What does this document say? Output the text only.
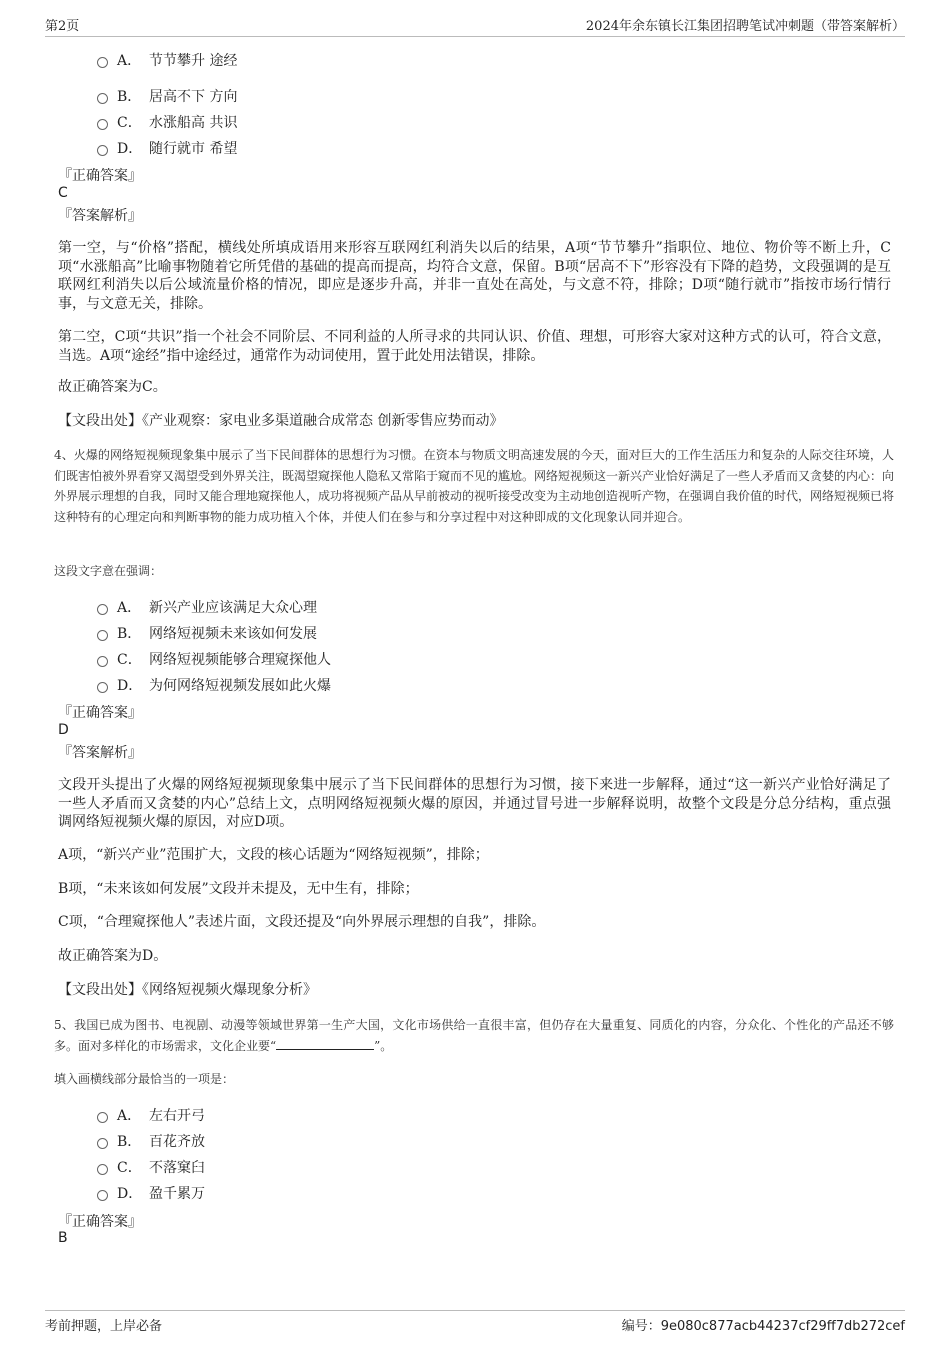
第2页	2024年余东镇长江集团招聘笔试冲刺题（带答案解析）
A． 节节攀升 途经
B． 居高不下 方向
C． 水涨船高 共识
D． 随行就市 希望
『正确答案』
C
『答案解析』
第一空，与“价格”搭配，横线处所填成语用来形容互联网红利消失以后的结果，A项“节节攀升”指职位、地位、物价等不断上升，C项“水涨船高”比喻事物随着它所凭借的基础的提高而提高，均符合文意，保留。B项“居高不下”形容没有下降的趋势，文段强调的是互联网红利消失以后公域流量价格的情况，即应是逐步升高，并非一直处在高处，与文意不符，排除；D项“随行就市”指按市场行情行事，与文意无关，排除。
第二空，C项“共识”指一个社会不同阶层、不同利益的人所寻求的共同认识、价值、理想，可形容大家对这种方式的认可，符合文意，当选。A项“途经”指中途经过，通常作为动词使用，置于此处用法错误，排除。
故正确答案为C。
【文段出处】《产业观察：家电业多渠道融合成常态 创新零售应势而动》
4、火爆的网络短视频现象集中展示了当下民间群体的思想行为习惯。在资本与物质文明高速发展的今天，面对巨大的工作生活压力和复杂的人际交往环境，人们既害怕被外界看穿又渴望受到外界关注，既渴望窥探他人隐私又常陷于窥而不见的尴尬。网络短视频这一新兴产业恰好满足了一些人矛盾而又贪婪的内心：向外界展示理想的自我，同时又能合理地窥探他人，成功将视频产品从早前被动的视听接受改变为主动地创造视听产物，在强调自我价值的时代，网络短视频已将这种特有的心理定向和判断事物的能力成功植入个体，并使人们在参与和分享过程中对这种即成的文化现象认同并迎合。
这段文字意在强调：
A． 新兴产业应该满足大众心理
B． 网络短视频未来该如何发展
C． 网络短视频能够合理窥探他人
D． 为何网络短视频发展如此火爆
『正确答案』
D
『答案解析』
文段开头提出了火爆的网络短视频现象集中展示了当下民间群体的思想行为习惯，接下来进一步解释，通过“这一新兴产业恰好满足了一些人矛盾而又贪婪的内心”总结上文，点明网络短视频火爆的原因，并通过冒号进一步解释说明，故整个文段是分总分结构，重点强调网络短视频火爆的原因，对应D项。
A项，“新兴产业”范围扩大，文段的核心话题为“网络短视频”，排除；
B项，“未来该如何发展”文段并未提及，无中生有，排除；
C项，“合理窥探他人”表述片面，文段还提及“向外界展示理想的自我”，排除。
故正确答案为D。
【文段出处】《网络短视频火爆现象分析》
5、我国已成为图书、电视剧、动漫等领域世界第一生产大国，文化市场供给一直很丰富，但仍存在大量重复、同质化的内容，分众化、个性化的产品还不够多。面对多样化的市场需求，文化企业要“	”。
填入画横线部分最恰当的一项是：
A． 左右开弓
B． 百花齐放
C． 不落窠臼
D． 盈千累万
『正确答案』
B
考前押题，上岸必备	编号：9e080c877acb44237cf29ff7db272cef
